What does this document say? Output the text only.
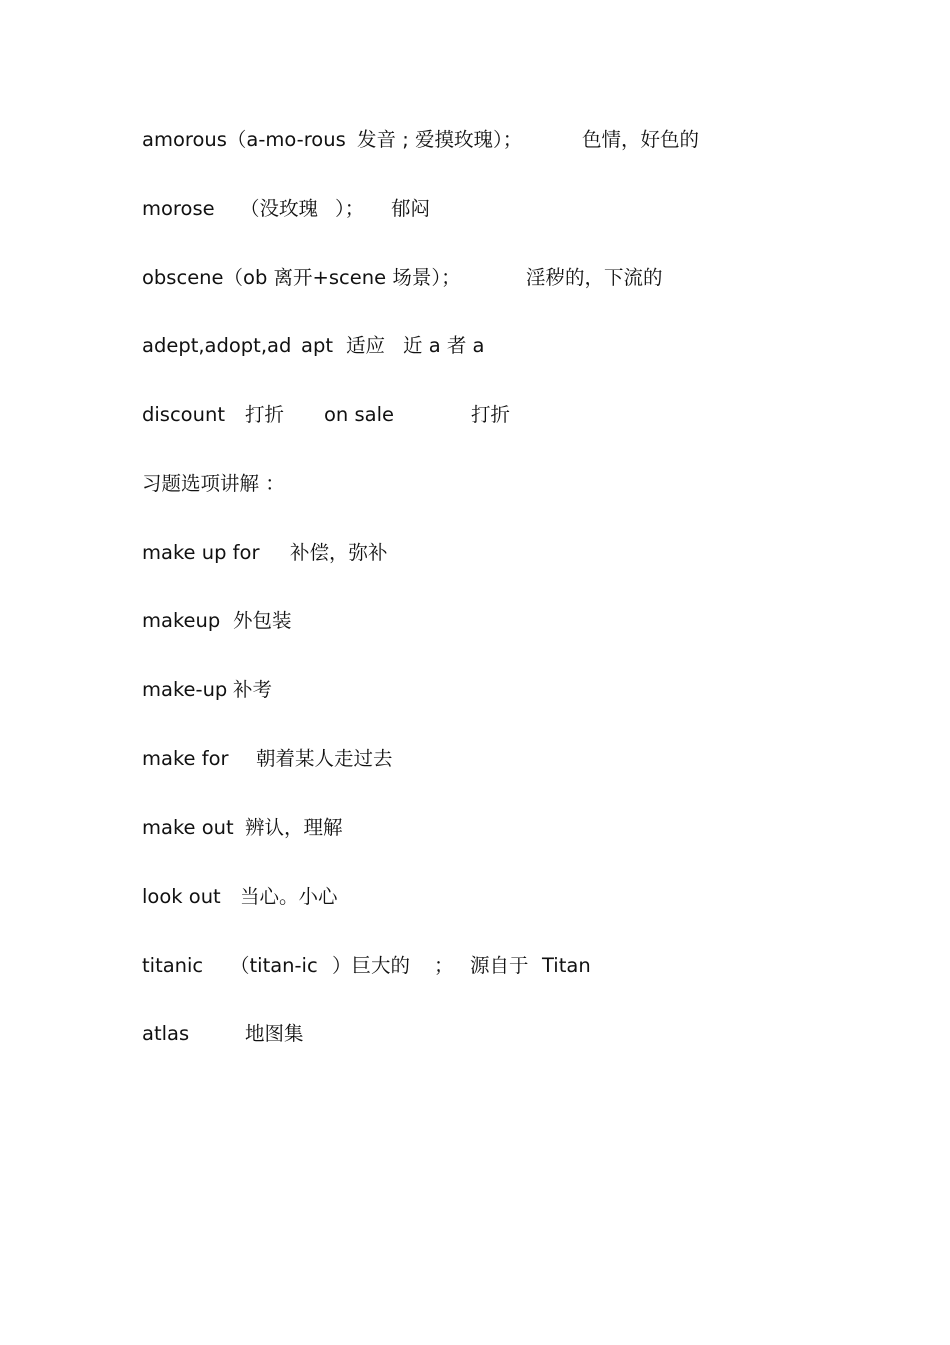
amorous（a-mo-rous

发音 ; 爱摸玫瑰）；

	色情，好色的

morose

（没玫瑰

）；

郁闷

obscene（ob 离开+scene 场景）；

	淫秽的，下流的

adept,adopt,ad

apt

适应

近 a 者 a

discount

打折

on sale

	打折

习题选项讲解 ：

make up for

补偿，弥补

makeup

外包装

make-up

补考

make for

朝着某人走过去

make out

辨认，理解

look out

当心。小心

titanic

（titan-ic

）巨大的

；

源自于

Titan

atlas

	地图集
